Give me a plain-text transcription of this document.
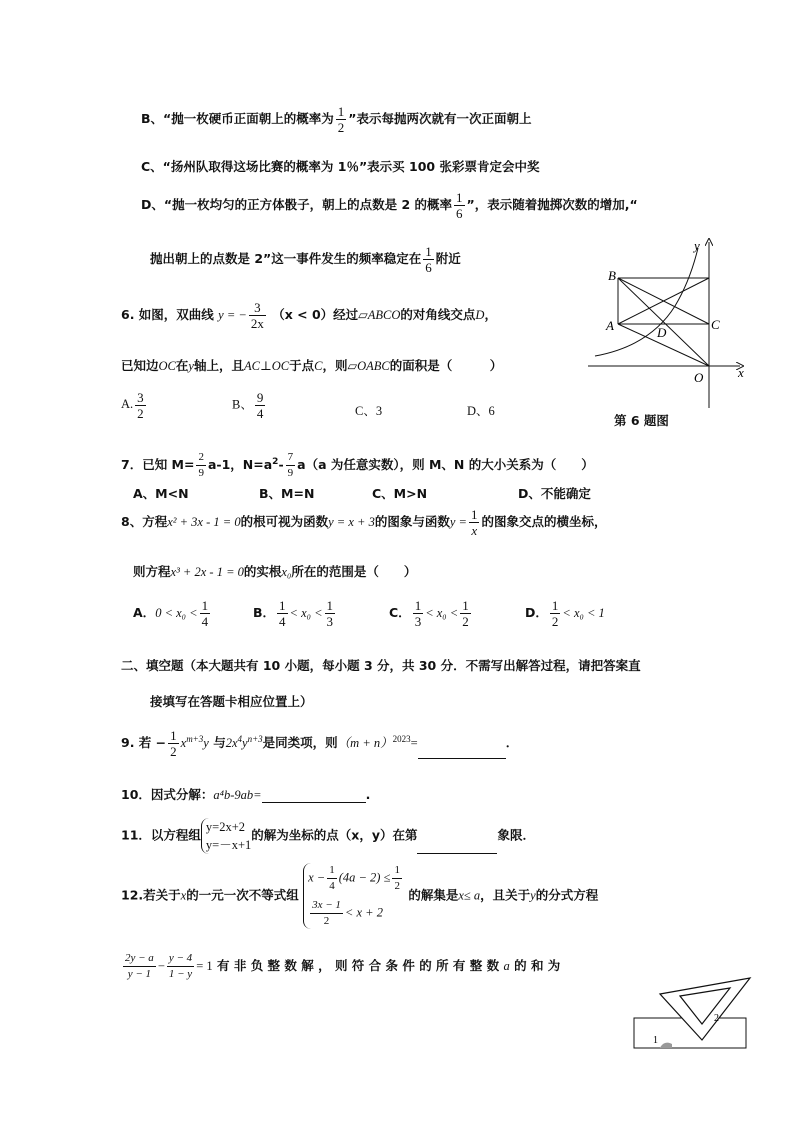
B、“抛一枚硬币正面朝上的概率为 $\frac{1}{2}$ ”表示每抛两次就有一次正面朝上
C、“扬州队取得这场比赛的概率为 1％”表示买 100 张彩票肯定会中奖
D、“抛一枚均匀的正方体骰子，朝上的点数是 2 的概率 $\frac{1}{6}$ ”，表示随着抛掷次数的增加,“
抛出朝上的点数是 2”这一事件发生的频率稳定在 $\frac{1}{6}$ 附近
6. 如图，双曲线 y = − $\frac{3}{2x} (x < 0)$经过▱ABCO的对角线交点D，
已知边OC在y轴上，且AC⊥OC于点C，则▱OABC的面积是（　　　）
A. $\frac{3}{2}$	B、 $\frac{9}{4}$	C、3	D、6
y
x
B
A	D
C
O
第 6 题图
7．已知 $M= \frac{2}{9} a-1$，$N=a^2- \frac{7}{9} a(a$ 为任意实数），则 M、N 的大小关系为（　　）
A、M<N	B、M=N	C、M>N	D、不能确定
8、方程x² + 3x - 1 = 0的根可视为函数y = x + 3的图象与函数$y = \frac{1}{x}$ 的图象交点的横坐标，
则方程x³ + 2x - 1 = 0的实根x₀所在的范围是（　　）
A．$0 < x_0 < \frac{1}{4}$	B． $\frac{1}{4} < x_0 < \frac{1}{3}$	C． $\frac{1}{3} < x_0 < \frac{1}{2}$	D． $\frac{1}{2} < x_0 < 1$
二、填空题（本大题共有 10 小题，每小题 3 分，共 30 分．不需写出解答过程，请把答案直
接填写在答题卡相应位置上）
9. 若 − $\frac{1}{2} x^{m+3}y$ 与$2x^4y^{n+3}$是同类项，则$(m + n)^{2023}=$	．
10．因式分解：a⁴b-9ab=	.
11．以方程组
y=2x+2
y=－x+1
的解为坐标的点（x，y）在第	象限．
12.若关于x的一元一次不等式组
$x - \frac{1}{4} (4a - 2) \le \frac{1}{2}$
$\frac{3x - 1}{2} < x + 2$
的解集是x≤ a，且关于y的分式方程
$\frac{2y - a}{y - 1} - \frac{y - 4}{1 - y} = 1$ 有 非 负 整 数 解 ， 则 符 合 条 件 的 所 有 整 数 a 的 和 为
1
2
